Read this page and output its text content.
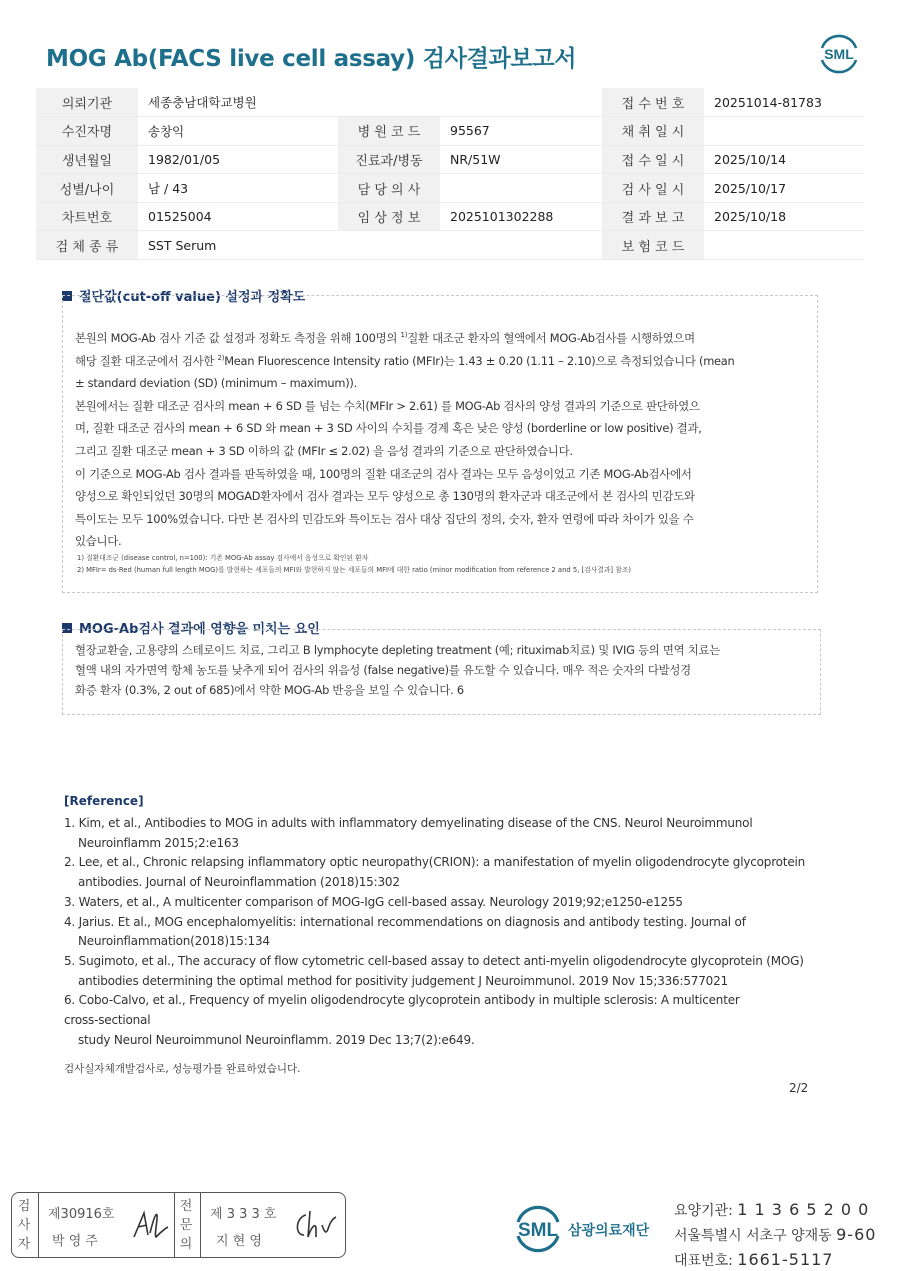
MOG Ab(FACS live cell assay) 검사결과보고서	SML
의뢰기관	세종충남대학교병원			접 수 번 호	20251014-81783
수진자명	송창익	병 원 코 드	95567	채 취 일 시	
생년월일	1982/01/05	진료과/병동	NR/51W	접 수 일 시	2025/10/14
성별/나이	남 / 43	담 당 의 사		검 사 일 시	2025/10/17
차트번호	01525004	임 상 정 보	2025101302288	결 과 보 고	2025/10/18
검 체 종 류	SST Serum			보 험 코 드	
절단값(cut-off value) 설정과 정확도

본원의 MOG-Ab 검사 기준 값 설정과 정확도 측정을 위해 100명의 $^{1)}$질환 대조군 환자의 혈액에서 MOG-Ab검사를 시행하였으며

해당 질환 대조군에서 검사한 $^{2)}$Mean Fluorescence Intensity ratio (MFIr)는 1.43 ± 0.20 (1.11 – 2.10)으로 측정되었습니다 (mean

± standard deviation (SD) (minimum – maximum)).

본원에서는 질환 대조군 검사의 mean + 6 SD 를 넘는 수치(MFIr > 2.61) 를 MOG-Ab 검사의 양성 결과의 기준으로 판단하였으

며, 질환 대조군 검사의 mean + 6 SD 와 mean + 3 SD 사이의 수치를 경계 혹은 낮은 양성 (borderline or low positive) 결과,

그리고 질환 대조군 mean + 3 SD 이하의 값 (MFIr ≤ 2.02) 을 음성 결과의 기준으로 판단하였습니다.

이 기준으로 MOG-Ab 검사 결과를 판독하였을 때, 100명의 질환 대조군의 검사 결과는 모두 음성이었고 기존 MOG-Ab검사에서

양성으로 확인되었던 30명의 MOGAD환자에서 검사 결과는 모두 양성으로 총 130명의 환자군과 대조군에서 본 검사의 민감도와

특이도는 모두 100%였습니다. 다만 본 검사의 민감도와 특이도는 검사 대상 집단의 정의, 숫자, 환자 연령에 따라 차이가 있을 수

있습니다.

1) 질환대조군 (disease control, n=100): 기존 MOG-Ab assay 검사에서 음성으로 확인된 환자

2) MFIr= ds-Red (human full length MOG)를 발현하는 세포들의 MFI와 발현하지 않는 세포들의 MFI에 대한 ratio (minor modification from reference 2 and 5, [검사결과] 참조)

MOG-Ab검사 결과에 영향을 미치는 요인

혈장교환술, 고용량의 스테로이드 치료, 그리고 B lymphocyte depleting treatment (예; rituximab치료) 및 IVIG 등의 면역 치료는

혈액 내의 자가면역 항체 농도를 낮추게 되어 검사의 위음성 (false negative)를 유도할 수 있습니다. 매우 적은 숫자의 다발성경

화증 환자 (0.3%, 2 out of 685)에서 약한 MOG-Ab 반응을 보일 수 있습니다. 6

[Reference]

1. Kim, et al., Antibodies to MOG in adults with inflammatory demyelinating disease of the CNS. Neurol Neuroimmunol

Neuroinflamm 2015;2:e163

2. Lee, et al., Chronic relapsing inflammatory optic neuropathy(CRION): a manifestation of myelin oligodendrocyte glycoprotein

antibodies. Journal of Neuroinflammation (2018)15:302

3. Waters, et al., A multicenter comparison of MOG-IgG cell-based assay. Neurology 2019;92;e1250-e1255

4. Jarius. Et al., MOG encephalomyelitis: international recommendations on diagnosis and antibody testing. Journal of

Neuroinflammation(2018)15:134

5. Sugimoto, et al., The accuracy of flow cytometric cell-based assay to detect anti-myelin oligodendrocyte glycoprotein (MOG)

antibodies determining the optimal method for positivity judgement J Neuroimmunol. 2019 Nov 15;336:577021

6. Cobo-Calvo, et al., Frequency of myelin oligodendrocyte glycoprotein antibody in multiple sclerosis: A multicenter

cross-sectional

study Neurol Neuroimmunol Neuroinflamm. 2019 Dec 13;7(2):e649.

검사실자체개발검사로, 성능평가를 완료하였습니다.
2/2
검
사
자
제30916호
박 영 주
전
문
의
제 3 3 3 호
지 현 영
SML 삼광의료재단
요양기관: 1 1 3 6 5 2 0 0
서울특별시 서초구 양재동 9-60
대표번호: 1661-5117
